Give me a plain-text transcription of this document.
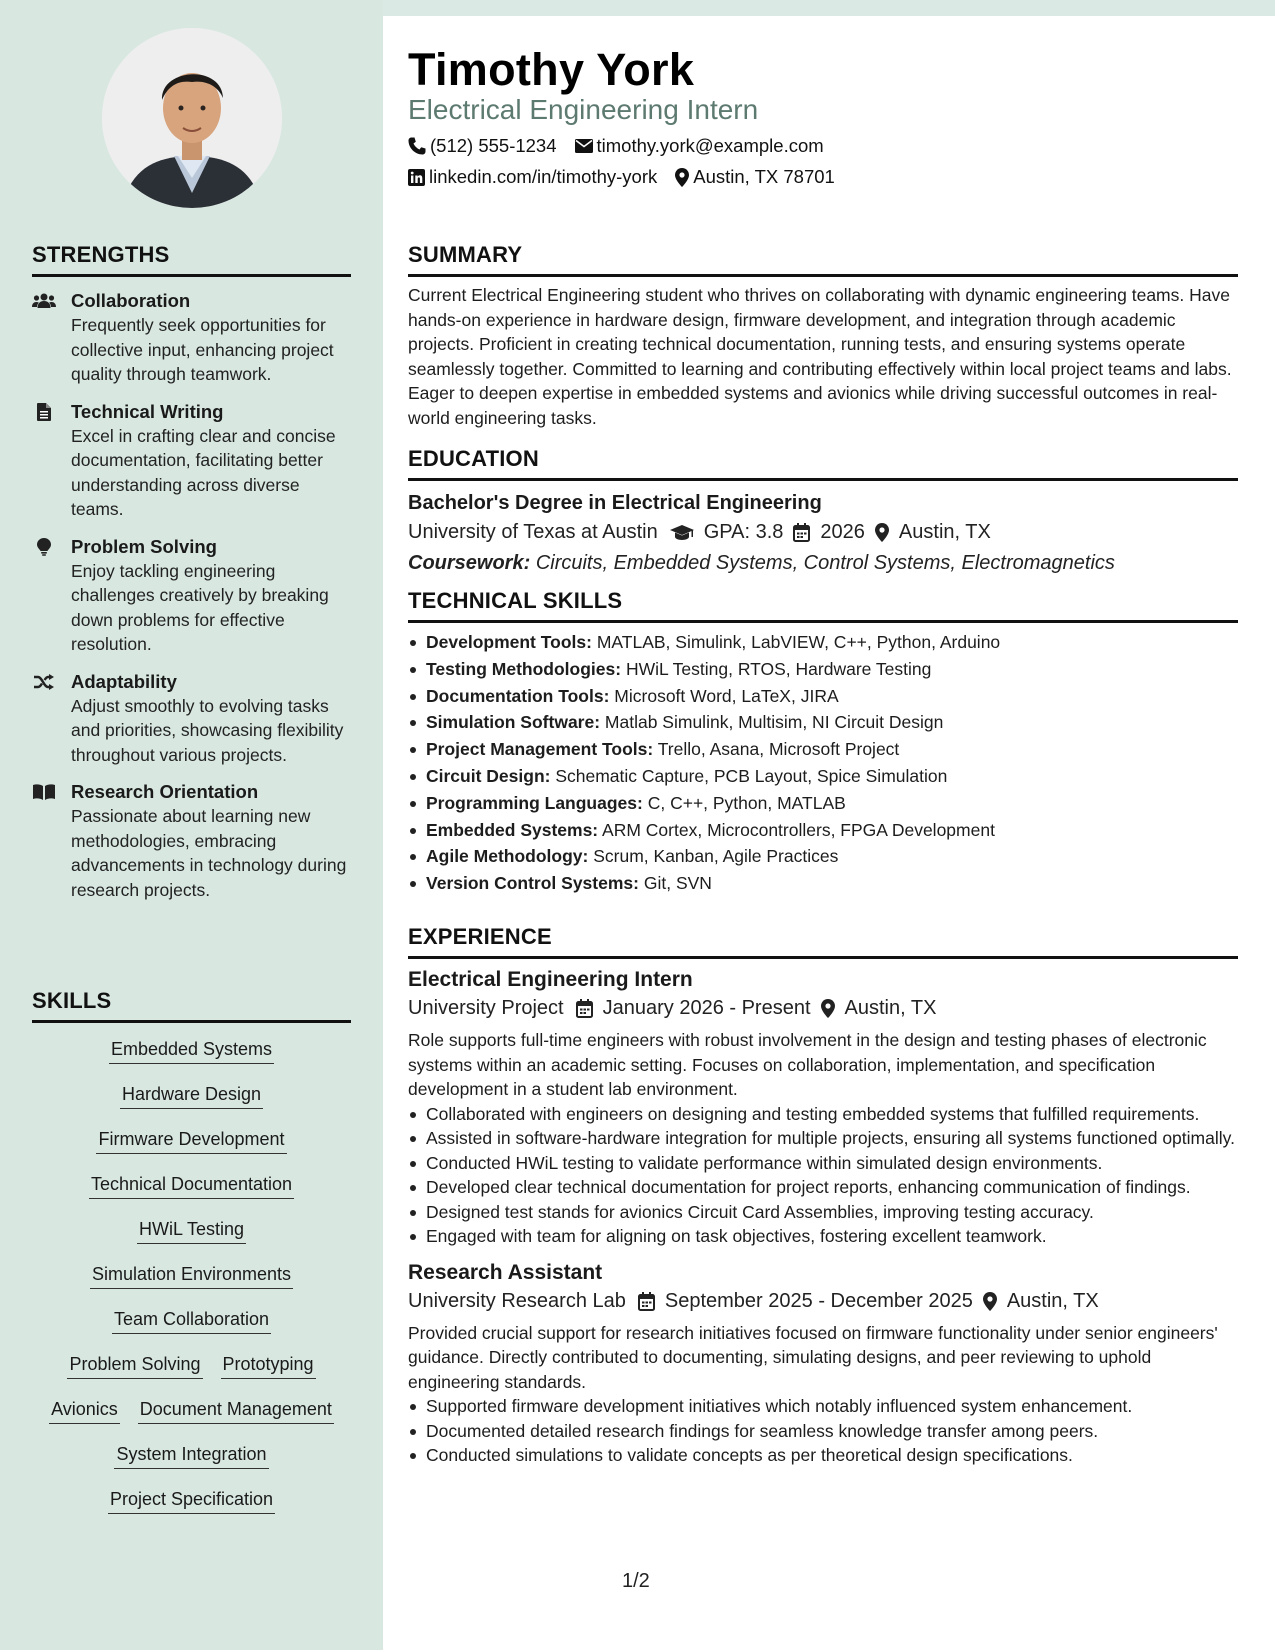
STRENGTHS
Collaboration
Frequently seek opportunities for collective input, enhancing project quality through teamwork.
Technical Writing
Excel in crafting clear and concise documentation, facilitating better understanding across diverse teams.
Problem Solving
Enjoy tackling engineering challenges creatively by breaking down problems for effective resolution.
Adaptability
Adjust smoothly to evolving tasks and priorities, showcasing flexibility throughout various projects.
Research Orientation
Passionate about learning new methodologies, embracing advancements in technology during research projects.
SKILLS
Embedded Systems
Hardware Design
Firmware Development
Technical Documentation
HWiL Testing
Simulation Environments
Team Collaboration
Problem Solving Prototyping
Avionics Document Management
System Integration
Project Specification
Timothy York
Electrical Engineering Intern
(512) 555-1234 timothy.york@example.com
linkedin.com/in/timothy-york Austin, TX 78701
SUMMARY
Current Electrical Engineering student who thrives on collaborating with dynamic engineering teams. Have hands-on experience in hardware design, firmware development, and integration through academic projects. Proficient in creating technical documentation, running tests, and ensuring systems operate seamlessly together. Committed to learning and contributing effectively within local project teams and labs. Eager to deepen expertise in embedded systems and avionics while driving successful outcomes in real-world engineering tasks.
EDUCATION
Bachelor's Degree in Electrical Engineering
University of Texas at Austin GPA: 3.8 2026 Austin, TX
Coursework: Circuits, Embedded Systems, Control Systems, Electromagnetics
TECHNICAL SKILLS
Development Tools: MATLAB, Simulink, LabVIEW, C++, Python, Arduino
Testing Methodologies: HWiL Testing, RTOS, Hardware Testing
Documentation Tools: Microsoft Word, LaTeX, JIRA
Simulation Software: Matlab Simulink, Multisim, NI Circuit Design
Project Management Tools: Trello, Asana, Microsoft Project
Circuit Design: Schematic Capture, PCB Layout, Spice Simulation
Programming Languages: C, C++, Python, MATLAB
Embedded Systems: ARM Cortex, Microcontrollers, FPGA Development
Agile Methodology: Scrum, Kanban, Agile Practices
Version Control Systems: Git, SVN
EXPERIENCE
Electrical Engineering Intern
University Project January 2026 - Present Austin, TX
Role supports full-time engineers with robust involvement in the design and testing phases of electronic systems within an academic setting. Focuses on collaboration, implementation, and specification development in a student lab environment.
Collaborated with engineers on designing and testing embedded systems that fulfilled requirements.
Assisted in software-hardware integration for multiple projects, ensuring all systems functioned optimally.
Conducted HWiL testing to validate performance within simulated design environments.
Developed clear technical documentation for project reports, enhancing communication of findings.
Designed test stands for avionics Circuit Card Assemblies, improving testing accuracy.
Engaged with team for aligning on task objectives, fostering excellent teamwork.
Research Assistant
University Research Lab September 2025 - December 2025 Austin, TX
Provided crucial support for research initiatives focused on firmware functionality under senior engineers' guidance. Directly contributed to documenting, simulating designs, and peer reviewing to uphold engineering standards.
Supported firmware development initiatives which notably influenced system enhancement.
Documented detailed research findings for seamless knowledge transfer among peers.
Conducted simulations to validate concepts as per theoretical design specifications.
1/2
